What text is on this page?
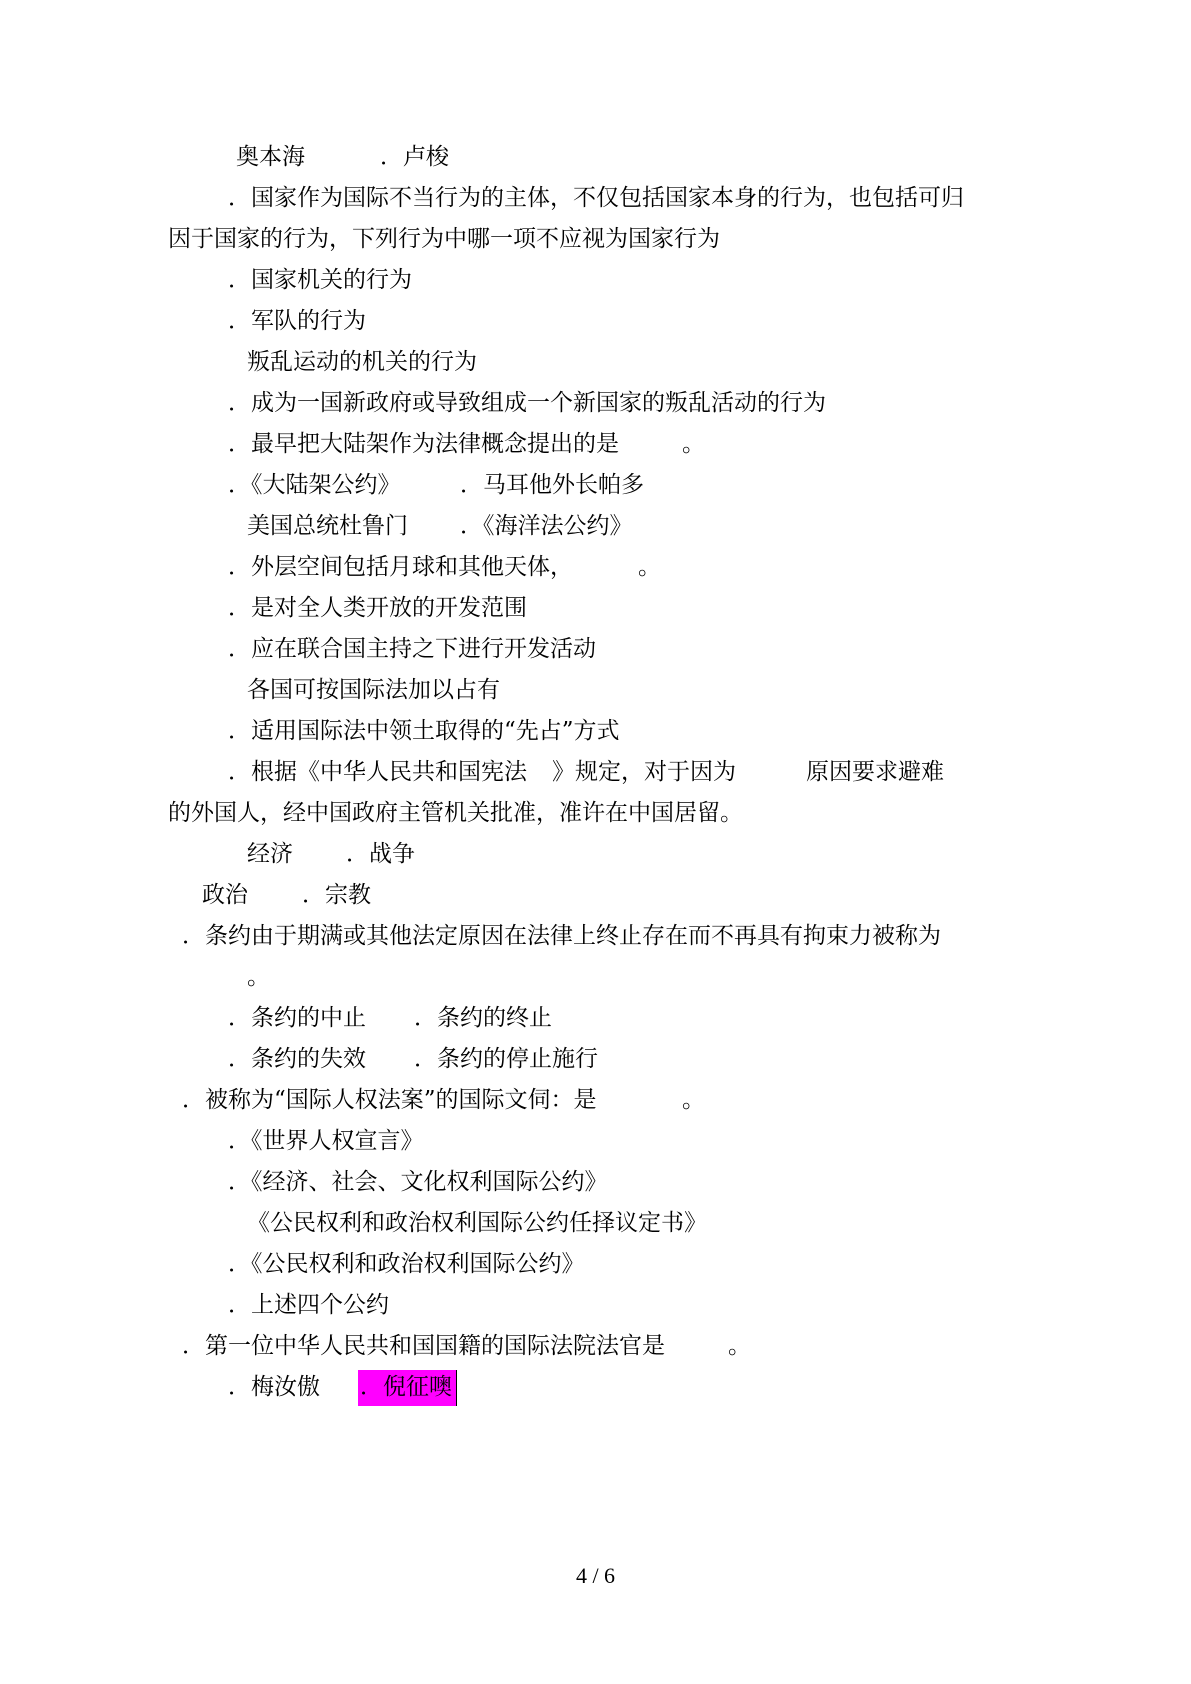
奥本海	．卢梭
．国家作为国际不当行为的主体，不仅包括国家本身的行为，也包括可归
因于国家的行为，下列行为中哪一项不应视为国家行为
．国家机关的行为
．军队的行为
叛乱运动的机关的行为
．成为一国新政府或导致组成一个新国家的叛乱活动的行为
．最早把大陆架作为法律概念提出的是	。
．《大陆架公约》	．马耳他外长帕多
美国总统杜鲁门 ．《海洋法公约》
．外层空间包括月球和其他天体，	。
．是对全人类开放的开发范围
．应在联合国主持之下进行开发活动
各国可按国际法加以占有
．适用国际法中领土取得的“先占”方式
．根据《中华人民共和国宪法 》规定，对于因为	原因要求避难
的外国人，经中国政府主管机关批准，准许在中国居留。
经济 ．战争
政治 ．宗教
．条约由于期满或其他法定原因在法律上终止存在而不再具有拘束力被称为
。
．条约的中止 ．条约的终止
．条约的失效 ．条约的停止施行
．被称为“国际人权法案”的国际文伺：是	。
．《世界人权宣言》
．《经济、社会、文化权利国际公约》
《公民权利和政治权利国际公约任择议定书》
．《公民权利和政治权利国际公约》
．上述四个公约
．第一位中华人民共和国国籍的国际法院法官是	。
．梅汝傲 ．倪征噢
4 / 6
